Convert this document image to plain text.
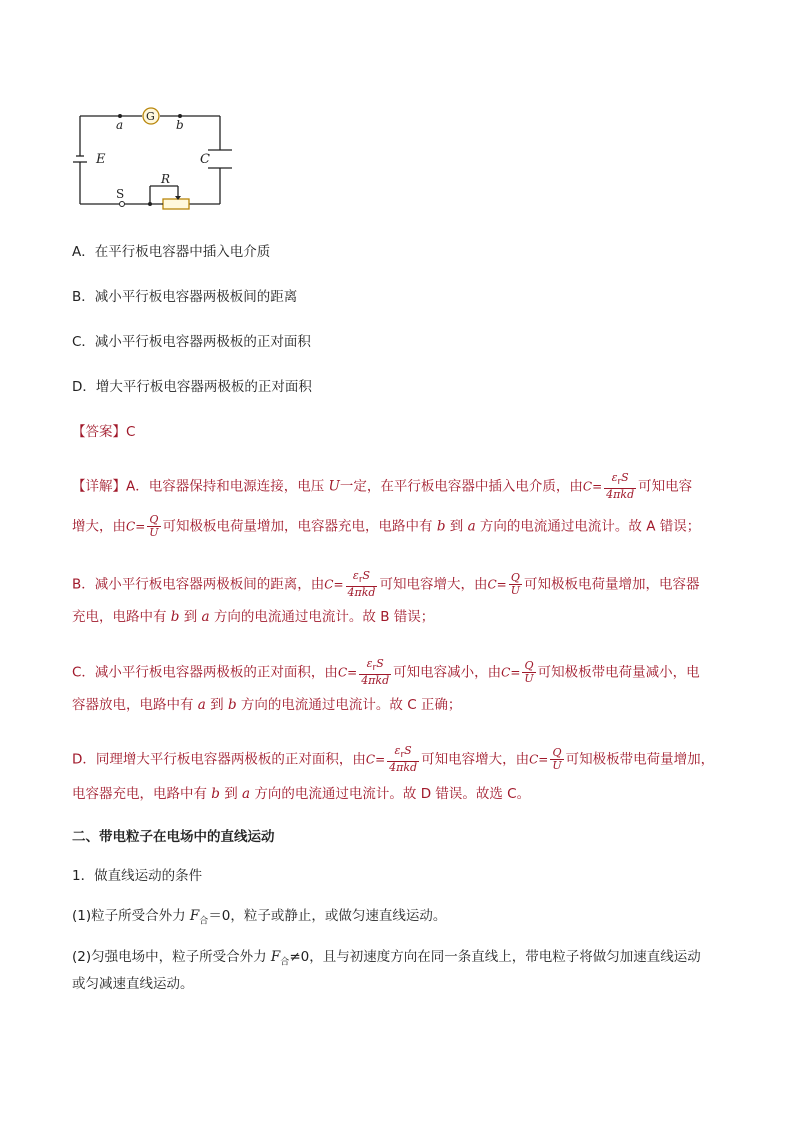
a	b
G
E	C
S
R
A．在平行板电容器中插入电介质
B．减小平行板电容器两极板间的距离
C．减小平行板电容器两极板的正对面积
D．增大平行板电容器两极板的正对面积
【答案】C
【详解】A．电容器保持和电源连接，电压 U一定，在平行板电容器中插入电介质，由$C= \frac{\varepsilon_rS}{\text{4πkd}}$ 可知电容
增大，由$C= \frac{Q}{U}$ 可知极板电荷量增加，电容器充电，电路中有 b 到 a 方向的电流通过电流计。故 A 错误；
B．减小平行板电容器两极板间的距离，由$C= \frac{\varepsilon_rS}{\text{4πkd}}$ 可知电容增大，由$C= \frac{Q}{U}$ 可知极板电荷量增加，电容器
充电，电路中有 b 到 a 方向的电流通过电流计。故 B 错误；
C．减小平行板电容器两极板的正对面积，由$C= \frac{\varepsilon_rS}{\text{4πkd}}$ 可知电容减小，由$C= \frac{Q}{U}$ 可知极板带电荷量减小，电
容器放电，电路中有 a 到 b 方向的电流通过电流计。故 C 正确；
D．同理增大平行板电容器两极板的正对面积，由$C= \frac{\varepsilon_rS}{\text{4πkd}}$ 可知电容增大，由$C= \frac{Q}{U}$ 可知极板带电荷量增加，
电容器充电，电路中有 b 到 a 方向的电流通过电流计。故 D 错误。故选 C。
二、带电粒子在电场中的直线运动
1．做直线运动的条件
(1)粒子所受合外力 $F_合=0$，粒子或静止，或做匀速直线运动。
(2)匀强电场中，粒子所受合外力 $F_合\ne 0$，且与初速度方向在同一条直线上，带电粒子将做匀加速直线运动
或匀减速直线运动。
